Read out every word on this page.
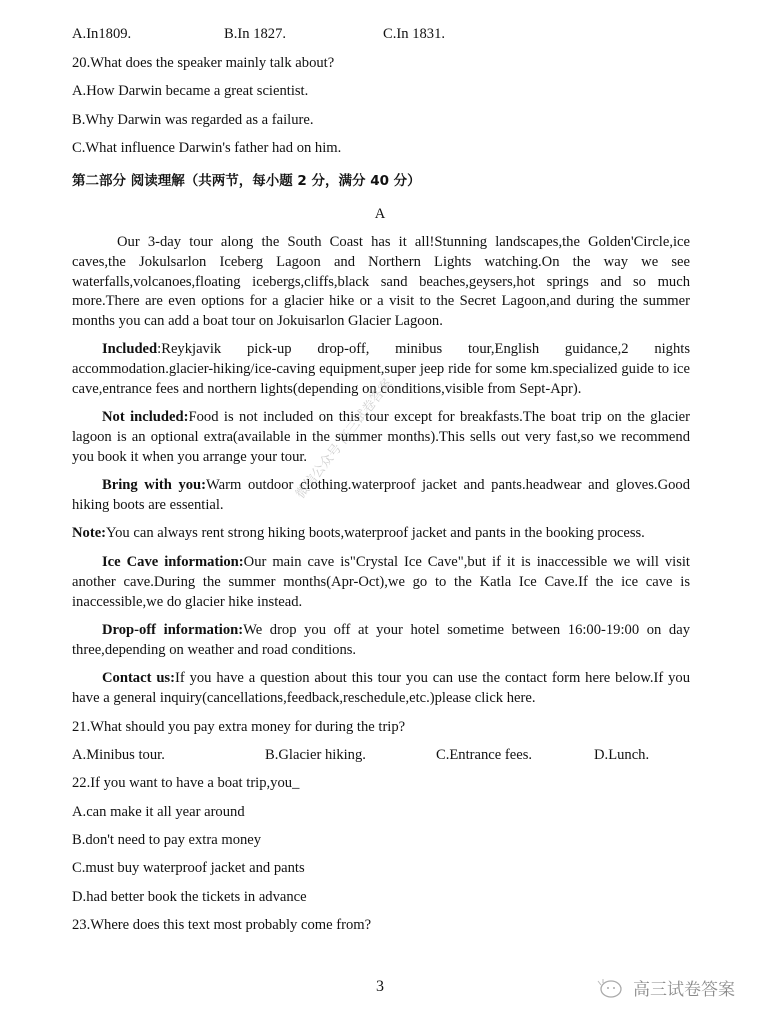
A.In1809.	B.In 1827.	C.In 1831.
20.What does the speaker mainly talk about?
A.How Darwin became a great scientist.
B.Why Darwin was regarded as a failure.
C.What influence Darwin's father had on him.
第二部分 阅读理解（共两节，每小题 2 分，满分 40 分）
A
Our 3-day tour along the South Coast has it all!Stunning landscapes,the Golden'Circle,ice caves,the Jokulsarlon Iceberg Lagoon and Northern Lights watching.On the way we see waterfalls,volcanoes,floating icebergs,cliffs,black sand beaches,geysers,hot springs and so much more.There are even options for a glacier hike or a visit to the Secret Lagoon,and during the summer months you can add a boat tour on Jokuisarlon Glacier Lagoon.
Included:Reykjavik pick-up drop-off, minibus tour,English guidance,2 nights accommodation.glacier-hiking/ice-caving equipment,super jeep ride for some km.specialized guide to ice cave,entrance fees and northern lights(depending on conditions,visible from Sept-Apr).
Not included:Food is not included on this tour except for breakfasts.The boat trip on the glacier lagoon is an optional extra(available in the summer months).This sells out very fast,so we recommend you book it when you arrange your tour.
Bring with you:Warm outdoor clothing.waterproof jacket and pants.headwear and gloves.Good hiking boots are essential.
Note:You can always rent strong hiking boots,waterproof jacket and pants in the booking process.
Ice Cave information:Our main cave is"Crystal Ice Cave",but if it is inaccessible we will visit another cave.During the summer months(Apr-Oct),we go to the Katla Ice Cave.If the ice cave is inaccessible,we do glacier hike instead.
Drop-off information:We drop you off at your hotel sometime between 16:00-19:00 on day three,depending on weather and road conditions.
Contact us:If you have a question about this tour you can use the contact form here below.If you have a general inquiry(cancellations,feedback,reschedule,etc.)please click here.
21.What should you pay extra money for during the trip?
A.Minibus tour.	B.Glacier hiking.	C.Entrance fees.	D.Lunch.
22.If you want to have a boat trip,you_
A.can make it all year around
B.don't need to pay extra money
C.must buy waterproof jacket and pants
D.had better book the tickets in advance
23.Where does this text most probably come from?
3
微信公众号 高三试卷答案
高三试卷答案
